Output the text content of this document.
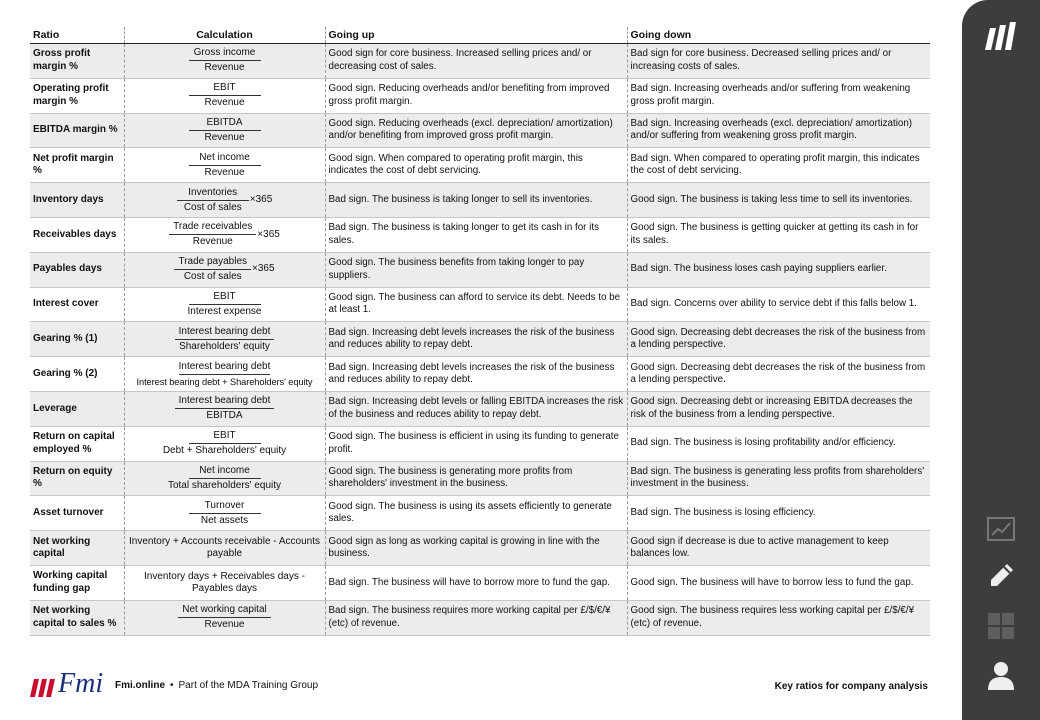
Ratio	Calculation	Going up	Going down
Gross profit margin %	$\frac{\text{Gross income}}{\text{Revenue}}$	Good sign for core business. Increased selling prices and/ or decreasing cost of sales.	Bad sign for core business. Decreased selling prices and/ or increasing costs of sales.
Operating profit margin %	$\frac{\text{EBIT}}{\text{Revenue}}$	Good sign. Reducing overheads and/or benefiting from improved gross profit margin.	Bad sign. Increasing overheads and/or suffering from weakening gross profit margin.
EBITDA margin %	$\frac{\text{EBITDA}}{\text{Revenue}}$	Good sign. Reducing overheads (excl. depreciation/ amortization) and/or benefiting from improved gross profit margin.	Bad sign. Increasing overheads (excl. depreciation/ amortization) and/or suffering from weakening gross profit margin.
Net profit margin %	$\frac{\text{Net income}}{\text{Revenue}}$	Good sign. When compared to operating profit margin, this indicates the cost of debt servicing.	Bad sign. When compared to operating profit margin, this indicates the cost of debt servicing.
Inventory days	$\frac{\text{Inventories}}{\text{Cost of sales}} \times 365$	Bad sign. The business is taking longer to sell its inventories.	Good sign. The business is taking less time to sell its inventories.
Receivables days	$\frac{\text{Trade receivables}}{\text{Revenue}} \times 365$	Bad sign. The business is taking longer to get its cash in for its sales.	Good sign. The business is getting quicker at getting its cash in for its sales.
Payables days	$\frac{\text{Trade payables}}{\text{Cost of sales}} \times 365$	Good sign. The business benefits from taking longer to pay suppliers.	Bad sign. The business loses cash paying suppliers earlier.
Interest cover	$\frac{\text{EBIT}}{\text{Interest expense}}$	Good sign. The business can afford to service its debt. Needs to be at least 1.	Bad sign. Concerns over ability to service debt if this falls below 1.
Gearing % (1)	$\frac{\text{Interest bearing debt}}{\text{Shareholders' equity}}$	Bad sign. Increasing debt levels increases the risk of the business and reduces ability to repay debt.	Good sign. Decreasing debt decreases the risk of the business from a lending perspective.
Gearing % (2)	$\frac{\text{Interest bearing debt}}{\text{Interest bearing debt + Shareholders' equity}}$	Bad sign. Increasing debt levels increases the risk of the business and reduces ability to repay debt.	Good sign. Decreasing debt decreases the risk of the business from a lending perspective.
Leverage	$\frac{\text{Interest bearing debt}}{\text{EBITDA}}$	Bad sign. Increasing debt levels or falling EBITDA increases the risk of the business and reduces ability to repay debt.	Good sign. Decreasing debt or increasing EBITDA decreases the risk of the business from a lending perspective.
Return on capital employed %	$\frac{\text{EBIT}}{\text{Debt + Shareholders' equity}}$	Good sign. The business is efficient in using its funding to generate profit.	Bad sign. The business is losing profitability and/or efficiency.
Return on equity %	$\frac{\text{Net income}}{\text{Total shareholders' equity}}$	Good sign. The business is generating more profits from shareholders' investment in the business.	Bad sign. The business is generating less profits from shareholders' investment in the business.
Asset turnover	$\frac{\text{Turnover}}{\text{Net assets}}$	Good sign. The business is using its assets efficiently to generate sales.	Bad sign. The business is losing efficiency.
Net working capital	Inventory + Accounts receivable - Accounts payable	Good sign as long as working capital is growing in line with the business.	Good sign if decrease is due to active management to keep balances low.
Working capital funding gap	Inventory days + Receivables days - Payables days	Bad sign. The business will have to borrow more to fund the gap.	Good sign. The business will have to borrow less to fund the gap.
Net working capital to sales %	$\frac{\text{Net working capital}}{\text{Revenue}}$	Bad sign. The business requires more working capital per £/$/€/¥ (etc) of revenue.	Good sign. The business requires less working capital per £/$/€/¥ (etc) of revenue.
Fmi Fmi.online • Part of the MDA Training Group	Key ratios for company analysis
